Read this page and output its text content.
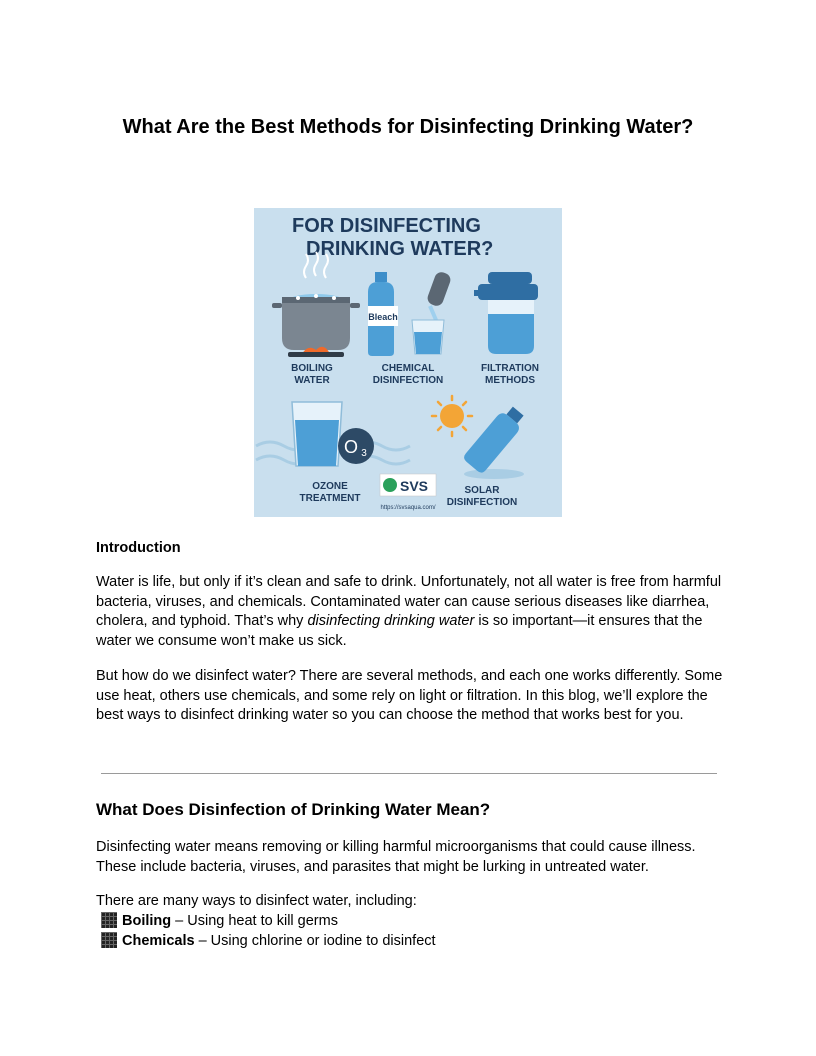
What Are the Best Methods for Disinfecting Drinking Water?
FOR DISINFECTING
DRINKING WATER?
BOILING
WATER
Bleach
CHEMICAL
DISINFECTION
FILTRATION
METHODS
O 3
OZONE
TREATMENT
SVS
https://svsaqua.com/
SOLAR
DISINFECTION
Introduction

Water is life, but only if it’s clean and safe to drink. Unfortunately, not all water is free from harmful bacteria, viruses, and chemicals. Contaminated water can cause serious diseases like diarrhea, cholera, and typhoid. That’s why disinfecting drinking water is so important—it ensures that the water we consume won’t make us sick.

But how do we disinfect water? There are several methods, and each one works differently. Some use heat, others use chemicals, and some rely on light or filtration. In this blog, we’ll explore the best ways to disinfect drinking water so you can choose the method that works best for you.

What Does Disinfection of Drinking Water Mean?

Disinfecting water means removing or killing harmful microorganisms that could cause illness. These include bacteria, viruses, and parasites that might be lurking in untreated water.

There are many ways to disinfect water, including:

Boiling – Using heat to kill germs
Chemicals – Using chlorine or iodine to disinfect
